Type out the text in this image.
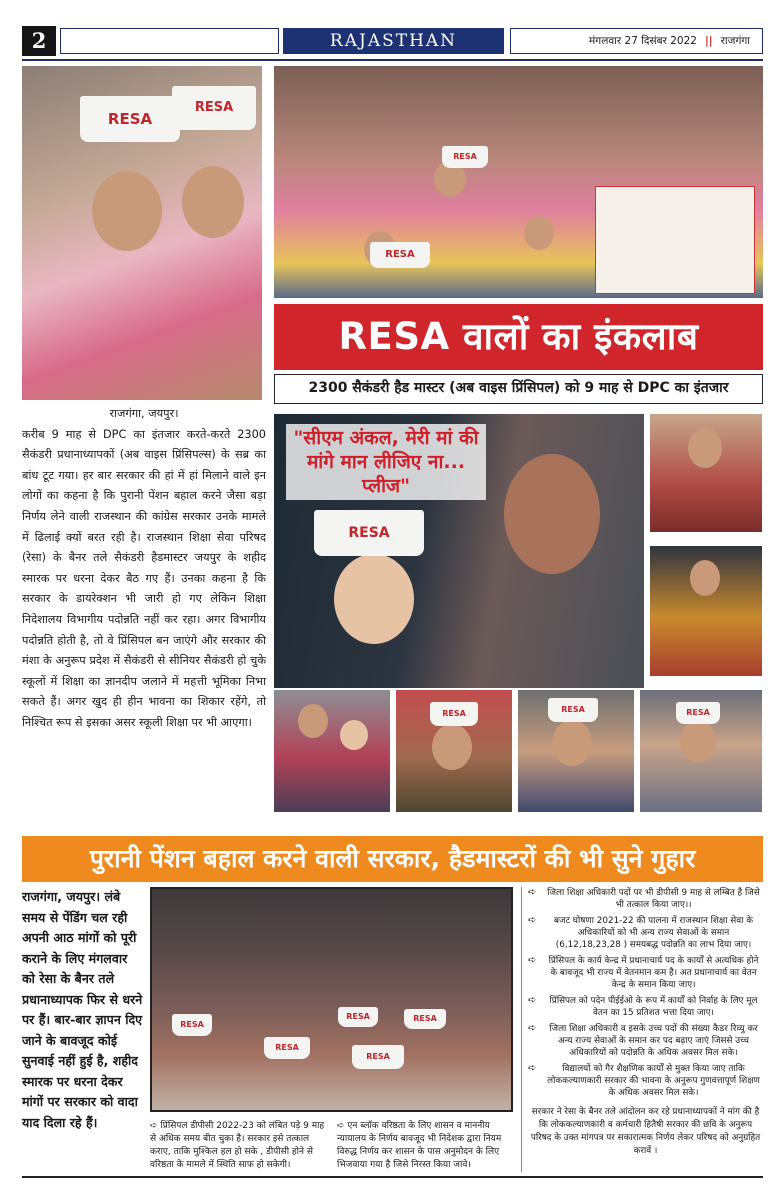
2	RAJASTHAN	मंगलवार 27 दिसंबर 2022 || राजगंगा
RESA
RESA
RESA
RESA
RESA वालों का इंकलाब
2300 सैकंडरी हैड मास्टर (अब वाइस प्रिंसिपल) को 9 माह से DPC का इंतजार
RESA
"सीएम अंकल, मेरी मां की मांगे मान लीजिए ना... प्लीज"
RESA	RESA	RESA
राजगंगा, जयपुर।
करीब 9 माह से DPC का इंतजार करते-करते 2300 सैकंडरी प्रधानाध्यापकों (अब वाइस प्रिंसिपल्स) के सब्र का बांध टूट गया। हर बार सरकार की हां में हां मिलाने वाले इन लोगों का कहना है कि पुरानी पेंशन बहाल करने जैसा बड़ा निर्णय लेने वाली राजस्थान की कांग्रेस सरकार उनके मामले में ढिलाई क्यों बरत रही है। राजस्थान शिक्षा सेवा परिषद (रेसा) के बैनर तले सैकंडरी हैडमास्टर जयपुर के शहीद स्मारक पर धरना देकर बैठ गए हैं। उनका कहना है कि सरकार के डायरेक्शन भी जारी हो गए लेकिन शिक्षा निदेशालय विभागीय पदोन्नति नहीं कर रहा। अगर विभागीय पदोन्नति होती है, तो वे प्रिंसिपल बन जाएंगे और सरकार की मंशा के अनुरूप प्रदेश में सैकंडरी से सीनियर सैकंडरी हो चुके स्कूलों में शिक्षा का ज्ञानदीप जलाने में महत्ती भूमिका निभा सकते हैं। अगर खुद ही हीन भावना का शिकार रहेंगे, तो निश्चित रूप से इसका असर स्कूली शिक्षा पर भी आएगा।
पुरानी पेंशन बहाल करने वाली सरकार, हैडमास्टरों की भी सुने गुहार
राजगंगा, जयपुर। लंबे समय से पेंडिंग चल रही अपनी आठ मांगों को पूरी कराने के लिए मंगलवार को रेसा के बैनर तले प्रधानाध्यापक फिर से धरने पर हैं। बार-बार ज्ञापन दिए जाने के बावजूद कोई सुनवाई नहीं हुई है, शहीद स्मारक पर धरना देकर मांगों पर सरकार को वादा याद दिला रहे हैं।
RESA
RESA
RESA
RESA
RESA
➪ प्रिंसिपल डीपीसी 2022-23 को लंबित पड़े 9 माह से अधिक समय बीत चुका है। सरकार इसे तत्काल कराए, ताकि मुश्किल हल हो सके , डीपीसी होने से वरिष्ठता के मामले में स्थिति साफ हो सकेगी।
➪ एन ब्लॉक वरिष्ठता के लिए शासन व माननीय न्यायालय के निर्णय बावजूद भी निदेशक द्वारा नियम विरुद्ध निर्णय कर शासन के पास अनुमोदन के लिए भिजवाया गया है जिसे निरस्त किया जावे।
➪	जिला शिक्षा अधिकारी पदों पर भी डीपीसी 9 माह से लम्बित है जिसे भी तत्काल किया जाए।।
➪	बजट घोषणा 2021-22 की पालना में राजस्थान शिक्षा सेवा के अधिकारियों को भी अन्य राज्य सेवाओं के समान (6,12,18,23,28 ) समयबद्ध पदोन्नति का लाभ दिया जाए।
➪	प्रिंसिपल के कार्य केन्द्र में प्रधानाचार्य पद के कार्यों से अत्यधिक होने के बावजूद भी राज्य में वेतनमान कम है। अत प्रधानाचार्य का वेतन केन्द्र के समान किया जाए।
➪	प्रिंसिपल को पदेन पीईईओ के रूप में कार्यों को निर्वाह के लिए मूल वेतन का 15 प्रतिशत भत्ता दिया जाए।
➪	जिला शिक्षा अधिकारी व इसके उच्च पदों की संख्या कैडर रिव्यु कर अन्य राज्य सेवाओं के समान कर पद बढ़ाए जाएं जिससे उच्च अधिकारियों को पदोन्नति के अधिक अवसर मिल सके।
➪	विद्यालयों को गैर शैक्षणिक कार्यों से मुक्त किया जाए ताकि लोककल्याणकारी सरकार की भावना के अनुरूप गुणवत्तापूर्ण शिक्षण के अधिक अवसर मिल सके।
सरकार ने रेसा के बैनर तले आंदोलन कर रहे प्रधानाध्यापकों ने मांग की है कि लोककल्याणकारी व कर्मचारी हितैषी सरकार की छवि के अनुरूप परिषद के उक्त मांगपत्र पर सकारात्मक निर्णय लेकर परिषद को अनुग्रहित करावें ।
